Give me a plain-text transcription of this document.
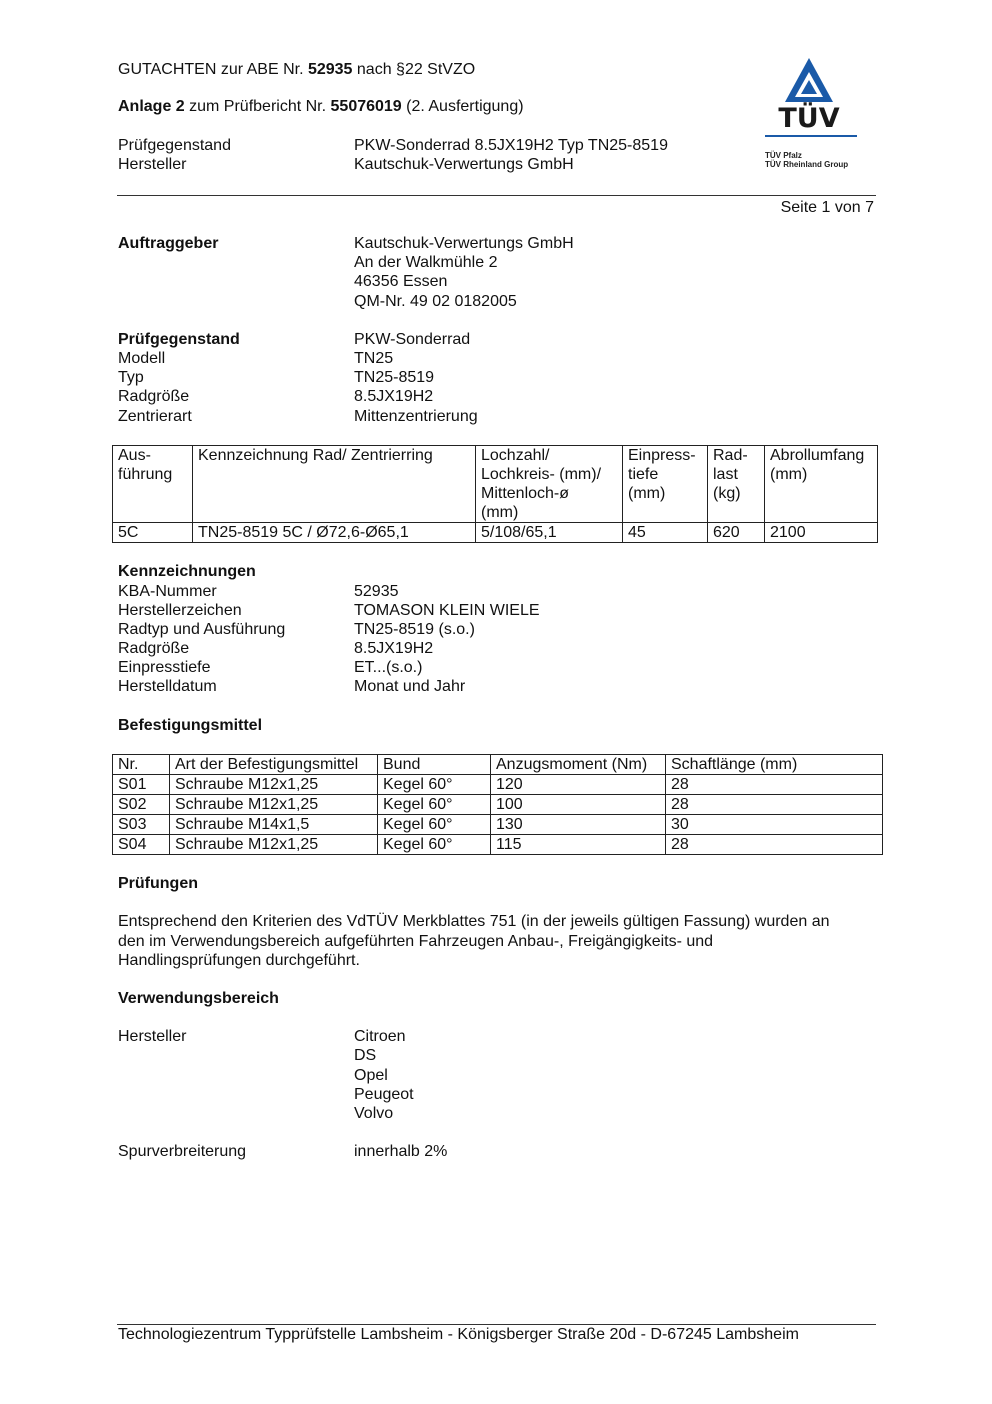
GUTACHTEN zur ABE Nr. 52935 nach §22 StVZO
Anlage 2 zum Prüfbericht Nr. 55076019 (2. Ausfertigung)
Prüfgegenstand	PKW-Sonderrad 8.5JX19H2 Typ TN25-8519
Hersteller	Kautschuk-Verwertungs GmbH
TÜV
TÜV Pfalz
TÜV Rheinland Group
Seite 1 von 7
Auftraggeber	Kautschuk-Verwertungs GmbH
An der Walkmühle 2
46356 Essen
QM-Nr. 49 02 0182005
Prüfgegenstand	PKW-Sonderrad
Modell	TN25
Typ	TN25-8519
Radgröße	8.5JX19H2
Zentrierart	Mittenzentrierung
Aus-
führung	Kennzeichnung Rad/ Zentrierring	Lochzahl/
Lochkreis- (mm)/
Mittenloch-ø
(mm)	Einpress-
tiefe
(mm)	Rad-
last
(kg)	Abrollumfang
(mm)
5C	TN25-8519 5C / Ø72,6-Ø65,1	5/108/65,1	45	620	2100
Kennzeichnungen
KBA-Nummer	52935
Herstellerzeichen	TOMASON KLEIN WIELE
Radtyp und Ausführung	TN25-8519 (s.o.)
Radgröße	8.5JX19H2
Einpresstiefe	ET...(s.o.)
Herstelldatum	Monat und Jahr
Befestigungsmittel
Nr.	Art der Befestigungsmittel	Bund	Anzugsmoment (Nm)	Schaftlänge (mm)
S01	Schraube M12x1,25	Kegel 60°	120	28
S02	Schraube M12x1,25	Kegel 60°	100	28
S03	Schraube M14x1,5	Kegel 60°	130	30
S04	Schraube M12x1,25	Kegel 60°	115	28
Prüfungen
Entsprechend den Kriterien des VdTÜV Merkblattes 751 (in der jeweils gültigen Fassung) wurden an
den im Verwendungsbereich aufgeführten Fahrzeugen Anbau-, Freigängigkeits- und
Handlingsprüfungen durchgeführt.
Verwendungsbereich
Hersteller	Citroen
DS
Opel
Peugeot
Volvo
Spurverbreiterung	innerhalb 2%
Technologiezentrum Typprüfstelle Lambsheim - Königsberger Straße 20d - D-67245 Lambsheim
